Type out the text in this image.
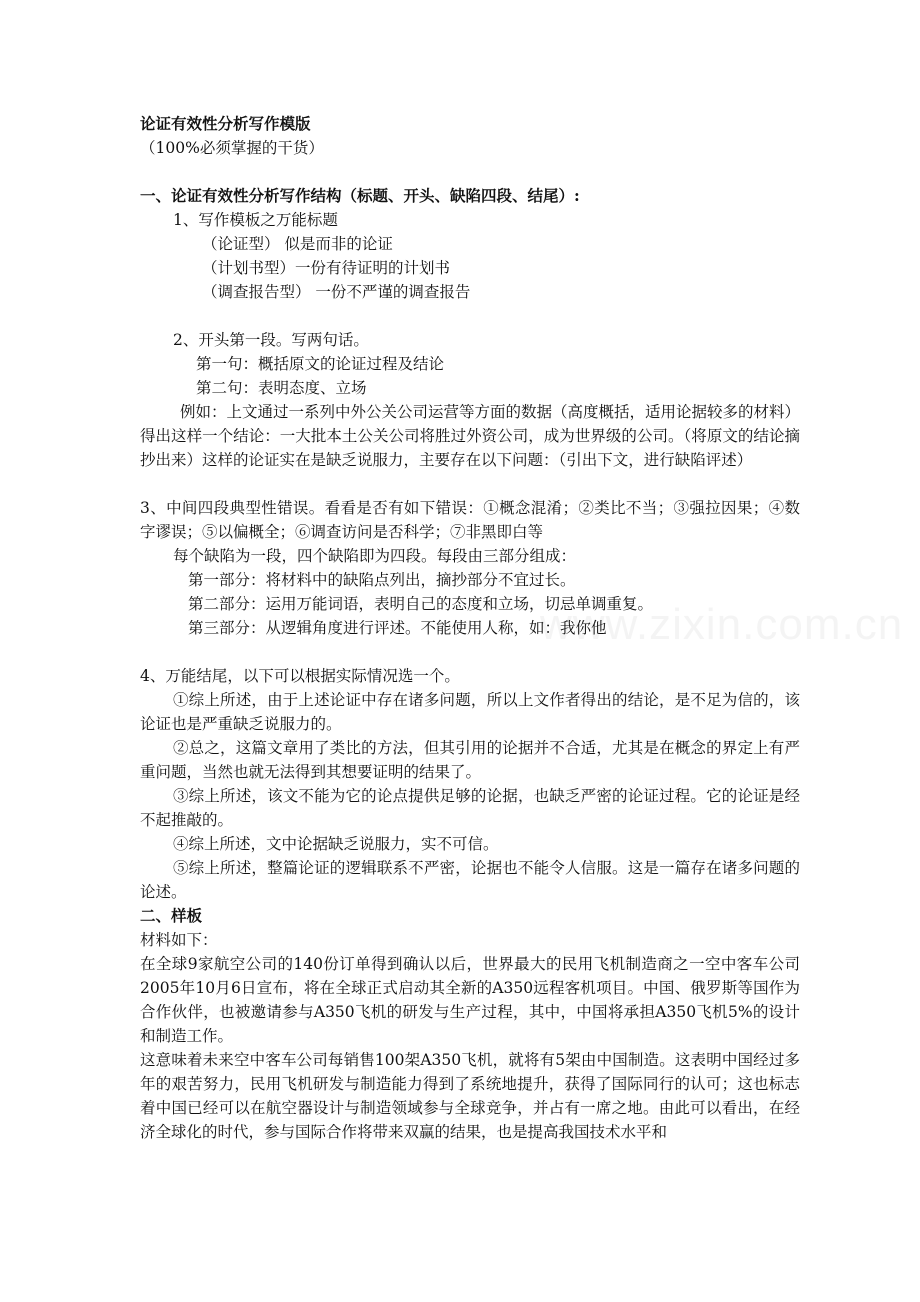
www.zixin.com.cn
论证有效性分析写作模版
（100%必须掌握的干货）
一、论证有效性分析写作结构（标题、开头、缺陷四段、结尾）:
1、写作模板之万能标题
（论证型） 似是而非的论证
（计划书型）一份有待证明的计划书
（调查报告型） 一份不严谨的调查报告
2、开头第一段。写两句话。
第一句：概括原文的论证过程及结论
第二句：表明态度、立场
例如：上文通过一系列中外公关公司运营等方面的数据（高度概括，适用论据较多的材料）得出这样一个结论：一大批本土公关公司将胜过外资公司，成为世界级的公司。（将原文的结论摘抄出来）这样的论证实在是缺乏说服力，主要存在以下问题：（引出下文，进行缺陷评述）
3、中间四段典型性错误。看看是否有如下错误：①概念混淆；②类比不当；③强拉因果；④数字谬误；⑤以偏概全；⑥调查访问是否科学；⑦非黑即白等
每个缺陷为一段，四个缺陷即为四段。每段由三部分组成：
第一部分：将材料中的缺陷点列出，摘抄部分不宜过长。
第二部分：运用万能词语，表明自己的态度和立场，切忌单调重复。
第三部分：从逻辑角度进行评述。不能使用人称，如：我你他
4、万能结尾，以下可以根据实际情况选一个。
①综上所述，由于上述论证中存在诸多问题，所以上文作者得出的结论，是不足为信的，该论证也是严重缺乏说服力的。
②总之，这篇文章用了类比的方法，但其引用的论据并不合适，尤其是在概念的界定上有严重问题，当然也就无法得到其想要证明的结果了。
③综上所述，该文不能为它的论点提供足够的论据，也缺乏严密的论证过程。它的论证是经不起推敲的。
④综上所述，文中论据缺乏说服力，实不可信。
⑤综上所述，整篇论证的逻辑联系不严密，论据也不能令人信服。这是一篇存在诸多问题的论述。
二、样板
材料如下：
在全球9家航空公司的140份订单得到确认以后，世界最大的民用飞机制造商之一空中客车公司2005年10月6日宣布，将在全球正式启动其全新的A350远程客机项目。中国、俄罗斯等国作为合作伙伴，也被邀请参与A350飞机的研发与生产过程，其中，中国将承担A350飞机5%的设计和制造工作。
这意味着未来空中客车公司每销售100架A350飞机，就将有5架由中国制造。这表明中国经过多年的艰苦努力，民用飞机研发与制造能力得到了系统地提升，获得了国际同行的认可；这也标志着中国已经可以在航空器设计与制造领域参与全球竞争，并占有一席之地。由此可以看出，在经济全球化的时代，参与国际合作将带来双赢的结果，也是提高我国技术水平和
